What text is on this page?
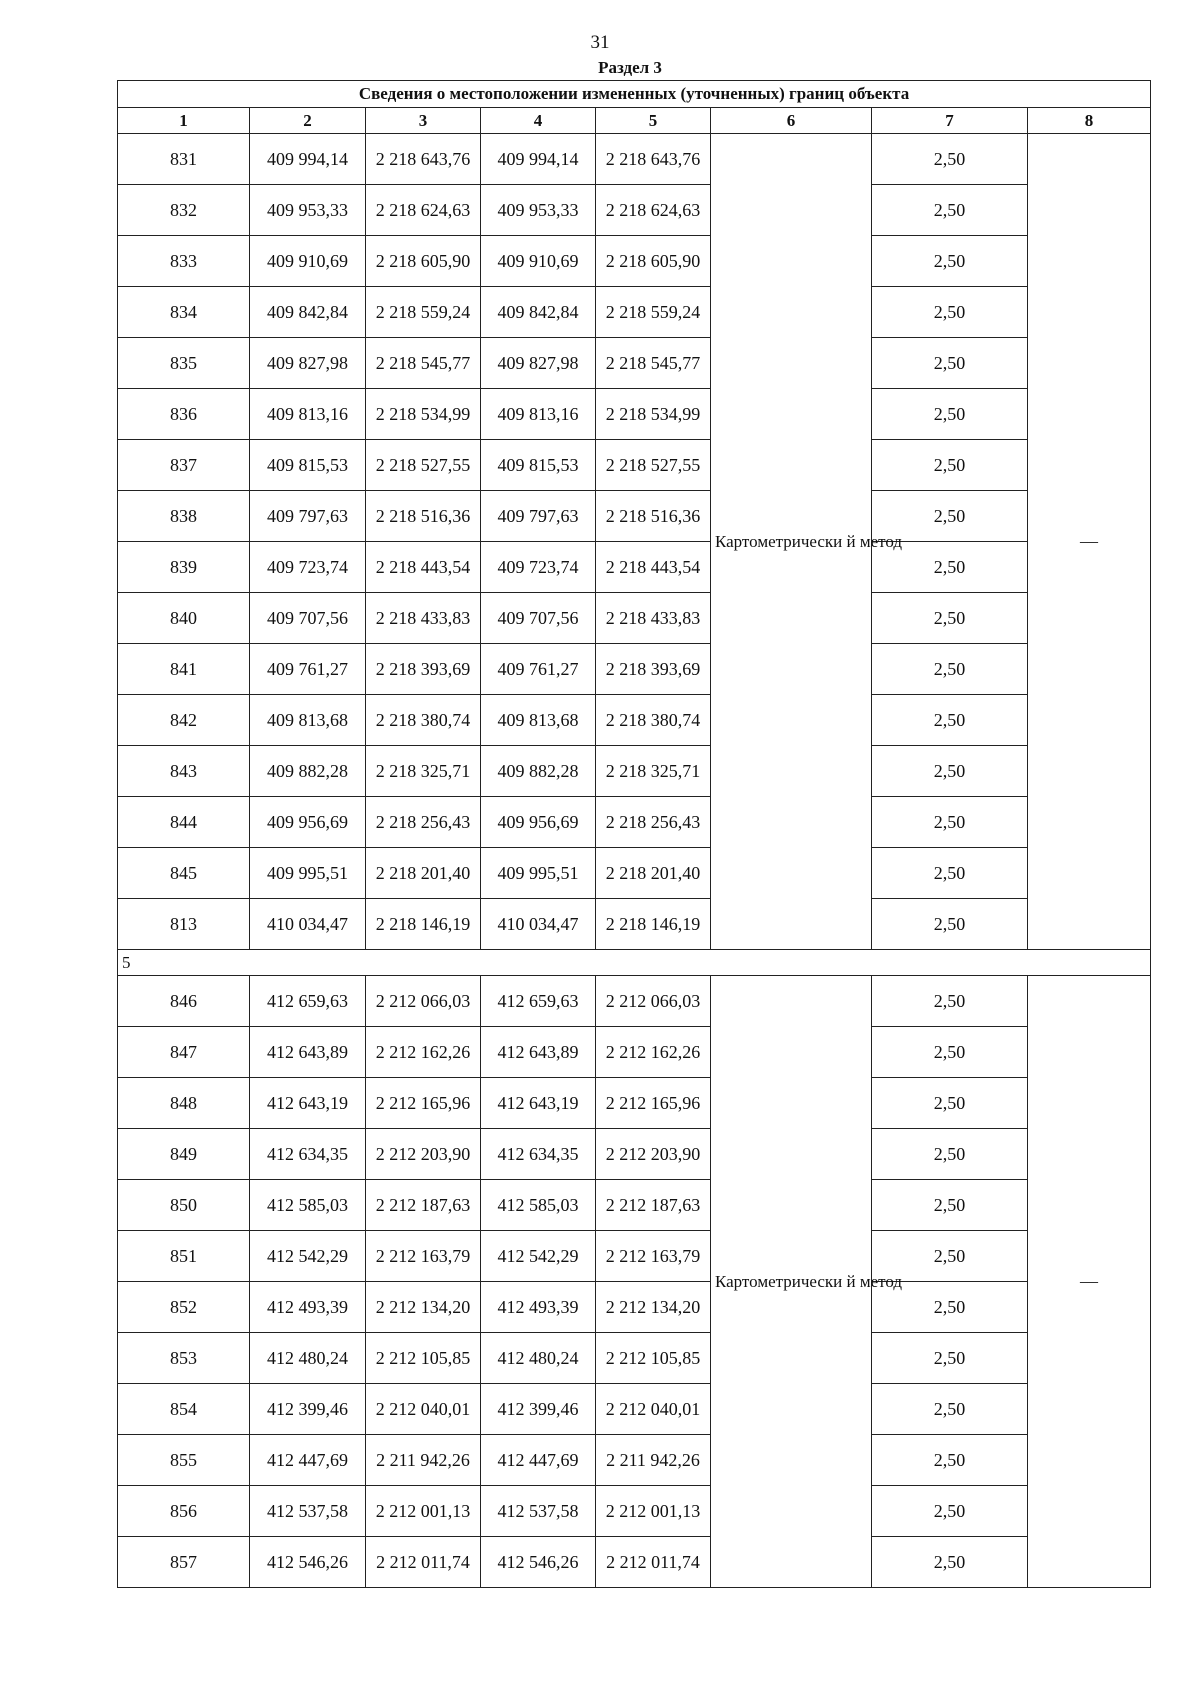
31
Раздел 3
Сведения о местоположении измененных (уточненных) границ объекта							
1	2	3	4	5	6	7	8
831	409 994,14	2 218 643,76	409 994,14	2 218 643,76	Картометрически й метод	2,50	—
832	409 953,33	2 218 624,63	409 953,33	2 218 624,63		2,50	
833	409 910,69	2 218 605,90	409 910,69	2 218 605,90		2,50	
834	409 842,84	2 218 559,24	409 842,84	2 218 559,24		2,50	
835	409 827,98	2 218 545,77	409 827,98	2 218 545,77		2,50	
836	409 813,16	2 218 534,99	409 813,16	2 218 534,99		2,50	
837	409 815,53	2 218 527,55	409 815,53	2 218 527,55		2,50	
838	409 797,63	2 218 516,36	409 797,63	2 218 516,36		2,50	
839	409 723,74	2 218 443,54	409 723,74	2 218 443,54		2,50	
840	409 707,56	2 218 433,83	409 707,56	2 218 433,83		2,50	
841	409 761,27	2 218 393,69	409 761,27	2 218 393,69		2,50	
842	409 813,68	2 218 380,74	409 813,68	2 218 380,74		2,50	
843	409 882,28	2 218 325,71	409 882,28	2 218 325,71		2,50	
844	409 956,69	2 218 256,43	409 956,69	2 218 256,43		2,50	
845	409 995,51	2 218 201,40	409 995,51	2 218 201,40		2,50	
813	410 034,47	2 218 146,19	410 034,47	2 218 146,19		2,50	
5							
846	412 659,63	2 212 066,03	412 659,63	2 212 066,03	Картометрически й метод	2,50	—
847	412 643,89	2 212 162,26	412 643,89	2 212 162,26		2,50	
848	412 643,19	2 212 165,96	412 643,19	2 212 165,96		2,50	
849	412 634,35	2 212 203,90	412 634,35	2 212 203,90		2,50	
850	412 585,03	2 212 187,63	412 585,03	2 212 187,63		2,50	
851	412 542,29	2 212 163,79	412 542,29	2 212 163,79		2,50	
852	412 493,39	2 212 134,20	412 493,39	2 212 134,20		2,50	
853	412 480,24	2 212 105,85	412 480,24	2 212 105,85		2,50	
854	412 399,46	2 212 040,01	412 399,46	2 212 040,01		2,50	
855	412 447,69	2 211 942,26	412 447,69	2 211 942,26		2,50	
856	412 537,58	2 212 001,13	412 537,58	2 212 001,13		2,50	
857	412 546,26	2 212 011,74	412 546,26	2 212 011,74		2,50	
